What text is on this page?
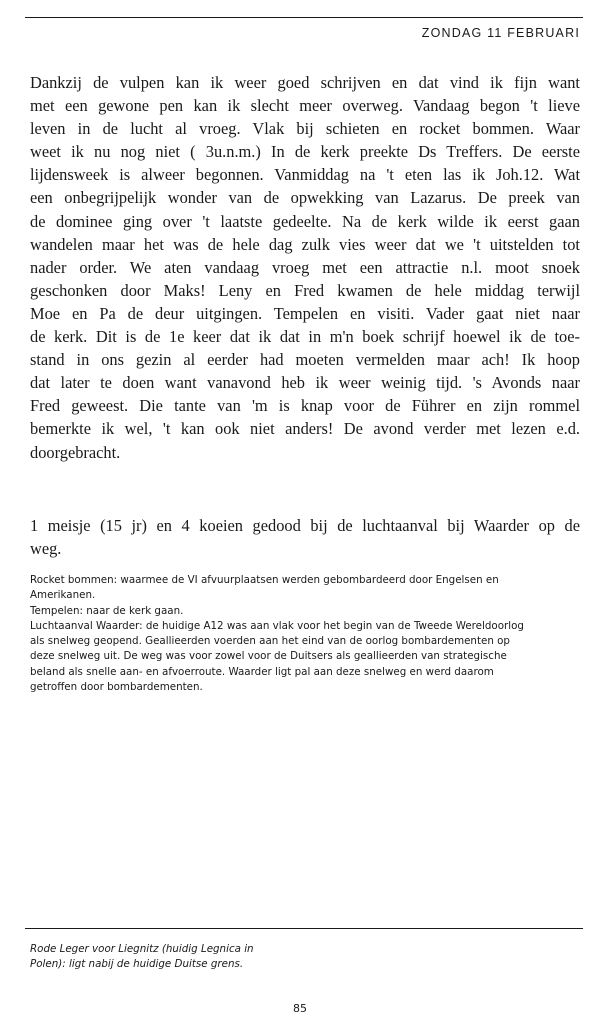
ZONDAG 11 FEBRUARI
Dankzij de vulpen kan ik weer goed schrijven en dat vind ik fijn want
met een gewone pen kan ik slecht meer overweg. Vandaag begon 't lieve
leven in de lucht al vroeg. Vlak bij schieten en rocket bommen. Waar
weet ik nu nog niet ( 3u.n.m.) In de kerk preekte Ds Treffers. De eerste
lijdensweek is alweer begonnen. Vanmiddag na 't eten las ik Joh.12. Wat
een onbegrijpelijk wonder van de opwekking van Lazarus. De preek van
de dominee ging over 't laatste gedeelte. Na de kerk wilde ik eerst gaan
wandelen maar het was de hele dag zulk vies weer dat we 't uitstelden tot
nader order. We aten vandaag vroeg met een attractie n.l. moot snoek
geschonken door Maks! Leny en Fred kwamen de hele middag terwijl
Moe en Pa de deur uitgingen. Tempelen en visiti. Vader gaat niet naar
de kerk. Dit is de 1e keer dat ik dat in m'n boek schrijf hoewel ik de toe-
stand in ons gezin al eerder had moeten vermelden maar ach! Ik hoop
dat later te doen want vanavond heb ik weer weinig tijd. 's Avonds naar
Fred geweest. Die tante van 'm is knap voor de Führer en zijn rommel
bemerkte ik wel, 't kan ook niet anders! De avond verder met lezen e.d.
doorgebracht.
1 meisje (15 jr) en 4 koeien gedood bij de luchtaanval bij Waarder op de
weg.
Rocket bommen: waarmee de VI afvuurplaatsen werden gebombardeerd door Engelsen en
Amerikanen.
Tempelen: naar de kerk gaan.
Luchtaanval Waarder: de huidige A12 was aan vlak voor het begin van de Tweede Wereldoorlog
als snelweg geopend. Geallieerden voerden aan het eind van de oorlog bombardementen op
deze snelweg uit. De weg was voor zowel voor de Duitsers als geallieerden van strategische
beland als snelle aan- en afvoerroute. Waarder ligt pal aan deze snelweg en werd daarom
getroffen door bombardementen.
Rode Leger voor Liegnitz (huidig Legnica in
Polen): ligt nabij de huidige Duitse grens.
85
